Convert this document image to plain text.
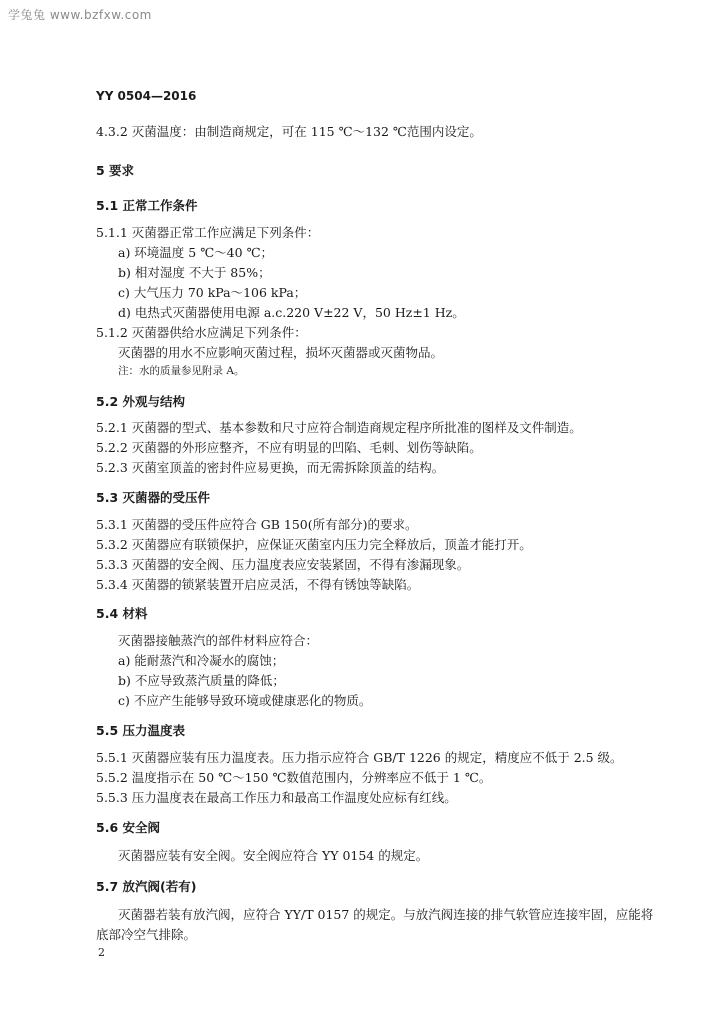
学兔兔 www.bzfxw.com
YY 0504—2016
4.3.2 灭菌温度：由制造商规定，可在 115 ℃～132 ℃范围内设定。
5 要求
5.1 正常工作条件
5.1.1 灭菌器正常工作应满足下列条件：
a) 环境温度 5 ℃～40 ℃；
b) 相对湿度 不大于 85%；
c) 大气压力 70 kPa～106 kPa；
d) 电热式灭菌器使用电源 a.c.220 V±22 V，50 Hz±1 Hz。
5.1.2 灭菌器供给水应满足下列条件：
灭菌器的用水不应影响灭菌过程，损坏灭菌器或灭菌物品。
注：水的质量参见附录 A。
5.2 外观与结构
5.2.1 灭菌器的型式、基本参数和尺寸应符合制造商规定程序所批准的图样及文件制造。
5.2.2 灭菌器的外形应整齐，不应有明显的凹陷、毛刺、划伤等缺陷。
5.2.3 灭菌室顶盖的密封件应易更换，而无需拆除顶盖的结构。
5.3 灭菌器的受压件
5.3.1 灭菌器的受压件应符合 GB 150(所有部分)的要求。
5.3.2 灭菌器应有联锁保护，应保证灭菌室内压力完全释放后，顶盖才能打开。
5.3.3 灭菌器的安全阀、压力温度表应安装紧固，不得有渗漏现象。
5.3.4 灭菌器的锁紧装置开启应灵活，不得有锈蚀等缺陷。
5.4 材料
灭菌器接触蒸汽的部件材料应符合：
a) 能耐蒸汽和冷凝水的腐蚀；
b) 不应导致蒸汽质量的降低；
c) 不应产生能够导致环境或健康恶化的物质。
5.5 压力温度表
5.5.1 灭菌器应装有压力温度表。压力指示应符合 GB/T 1226 的规定，精度应不低于 2.5 级。
5.5.2 温度指示在 50 ℃～150 ℃数值范围内，分辨率应不低于 1 ℃。
5.5.3 压力温度表在最高工作压力和最高工作温度处应标有红线。
5.6 安全阀
灭菌器应装有安全阀。安全阀应符合 YY 0154 的规定。
5.7 放汽阀(若有)
灭菌器若装有放汽阀，应符合 YY/T 0157 的规定。与放汽阀连接的排气软管应连接牢固，应能将
底部冷空气排除。
2
